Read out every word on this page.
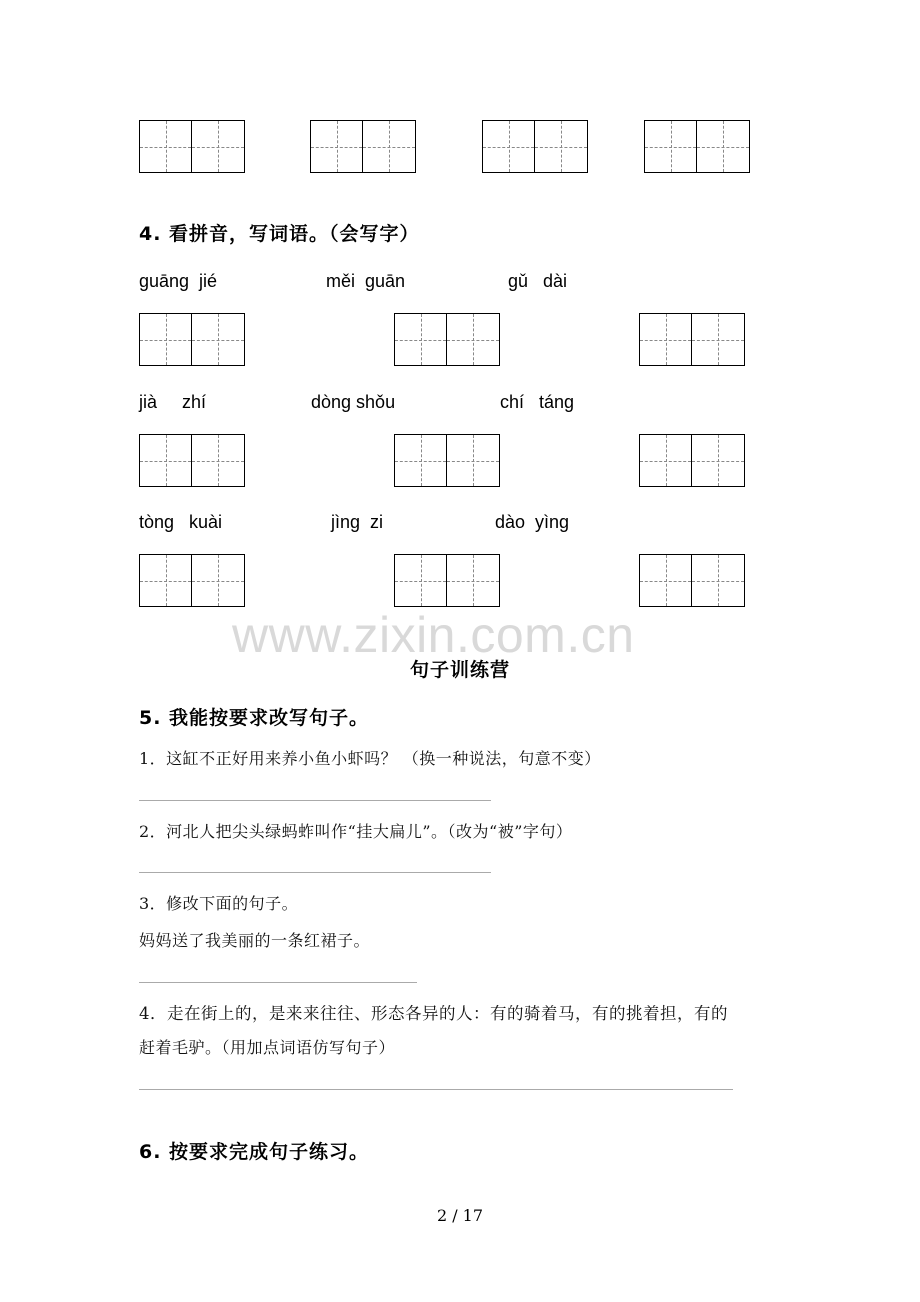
4. 看拼音，写词语。（会写字）
guāng  jié	měi  guān	gǔ   dài
jià     zhí	dòng shǒu	chí   táng
tòng   kuài	jìng  zi	dào  yìng
www.zixin.com.cn
句子训练营
5. 我能按要求改写句子。
1．这缸不正好用来养小鱼小虾吗？ （换一种说法，句意不变）
2．河北人把尖头绿蚂蚱叫作“挂大扁儿”。（改为“被”字句）
3．修改下面的句子。
妈妈送了我美丽的一条红裙子。
4．走在街上的，是来来往往、形态各异的人：有的骑着马，有的挑着担，有的
赶着毛驴。（用加点词语仿写句子）
6. 按要求完成句子练习。
2 / 17
